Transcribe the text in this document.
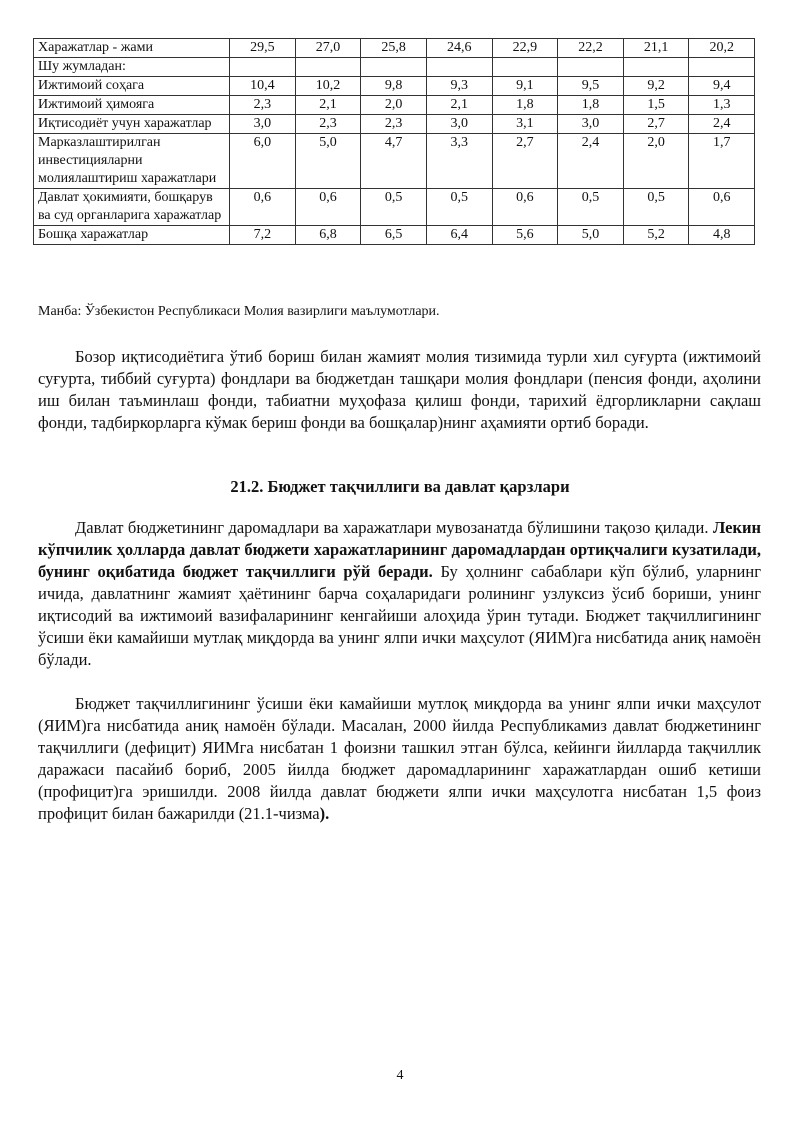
Харажатлар - жами	29,5	27,0	25,8	24,6	22,9	22,2	21,1	20,2
Шу жумладан:								
Ижтимоий соҳага	10,4	10,2	9,8	9,3	9,1	9,5	9,2	9,4
Ижтимоий ҳимояга	2,3	2,1	2,0	2,1	1,8	1,8	1,5	1,3
Иқтисодиёт учун харажатлар	3,0	2,3	2,3	3,0	3,1	3,0	2,7	2,4
Марказлаштирилган инвестицияларни молиялаштириш харажатлари	6,0	5,0	4,7	3,3	2,7	2,4	2,0	1,7
Давлат ҳокимияти, бошқарув ва суд органларига харажатлар	0,6	0,6	0,5	0,5	0,6	0,5	0,5	0,6
Бошқа харажатлар	7,2	6,8	6,5	6,4	5,6	5,0	5,2	4,8
Манба: Ўзбекистон Республикаси Молия вазирлиги маълумотлари.

Бозор иқтисодиётига ўтиб бориш билан жамият молия тизимида турли хил суғурта (ижтимоий суғурта, тиббий суғурта) фондлари ва бюджетдан ташқари молия фондлари (пенсия фонди, аҳолини иш билан таъминлаш фонди, табиатни муҳофаза қилиш фонди, тарихий ёдгорликларни сақлаш фонди, тадбиркорларга кўмак бериш фонди ва бошқалар)нинг аҳамияти ортиб боради.

21.2. Бюджет тақчиллиги ва давлат қарзлари

Давлат бюджетининг даромадлари ва харажатлари мувозанатда бўлишини тақозо қилади. Лекин кўпчилик ҳолларда давлат бюджети харажатларининг даромадлардан ортиқчалиги кузатилади, бунинг оқибатида бюджет тақчиллиги рўй беради. Бу ҳолнинг сабаблари кўп бўлиб, уларнинг ичида, давлатнинг жамият ҳаётининг барча соҳаларидаги ролининг узлуксиз ўсиб бориши, унинг иқтисодий ва ижтимоий вазифаларининг кенгайиши алоҳида ўрин тутади. Бюджет тақчиллигининг ўсиши ёки камайиши мутлақ миқдорда ва унинг ялпи ички маҳсулот (ЯИМ)га нисбатида аниқ намоён бўлади.

Бюджет тақчиллигининг ўсиши ёки камайиши мутлоқ миқдорда ва унинг ялпи ички маҳсулот (ЯИМ)га нисбатида аниқ намоён бўлади. Масалан, 2000 йилда Республикамиз давлат бюджетининг тақчиллиги (дефицит) ЯИМга нисбатан 1 фоизни ташкил этган бўлса, кейинги йилларда тақчиллик даражаси пасайиб бориб, 2005 йилда бюджет даромадларининг харажатлардан ошиб кетиши (профицит)га эришилди. 2008 йилда давлат бюджети ялпи ички маҳсулотга нисбатан 1,5 фоиз профицит билан бажарилди (21.1-чизма).

4
